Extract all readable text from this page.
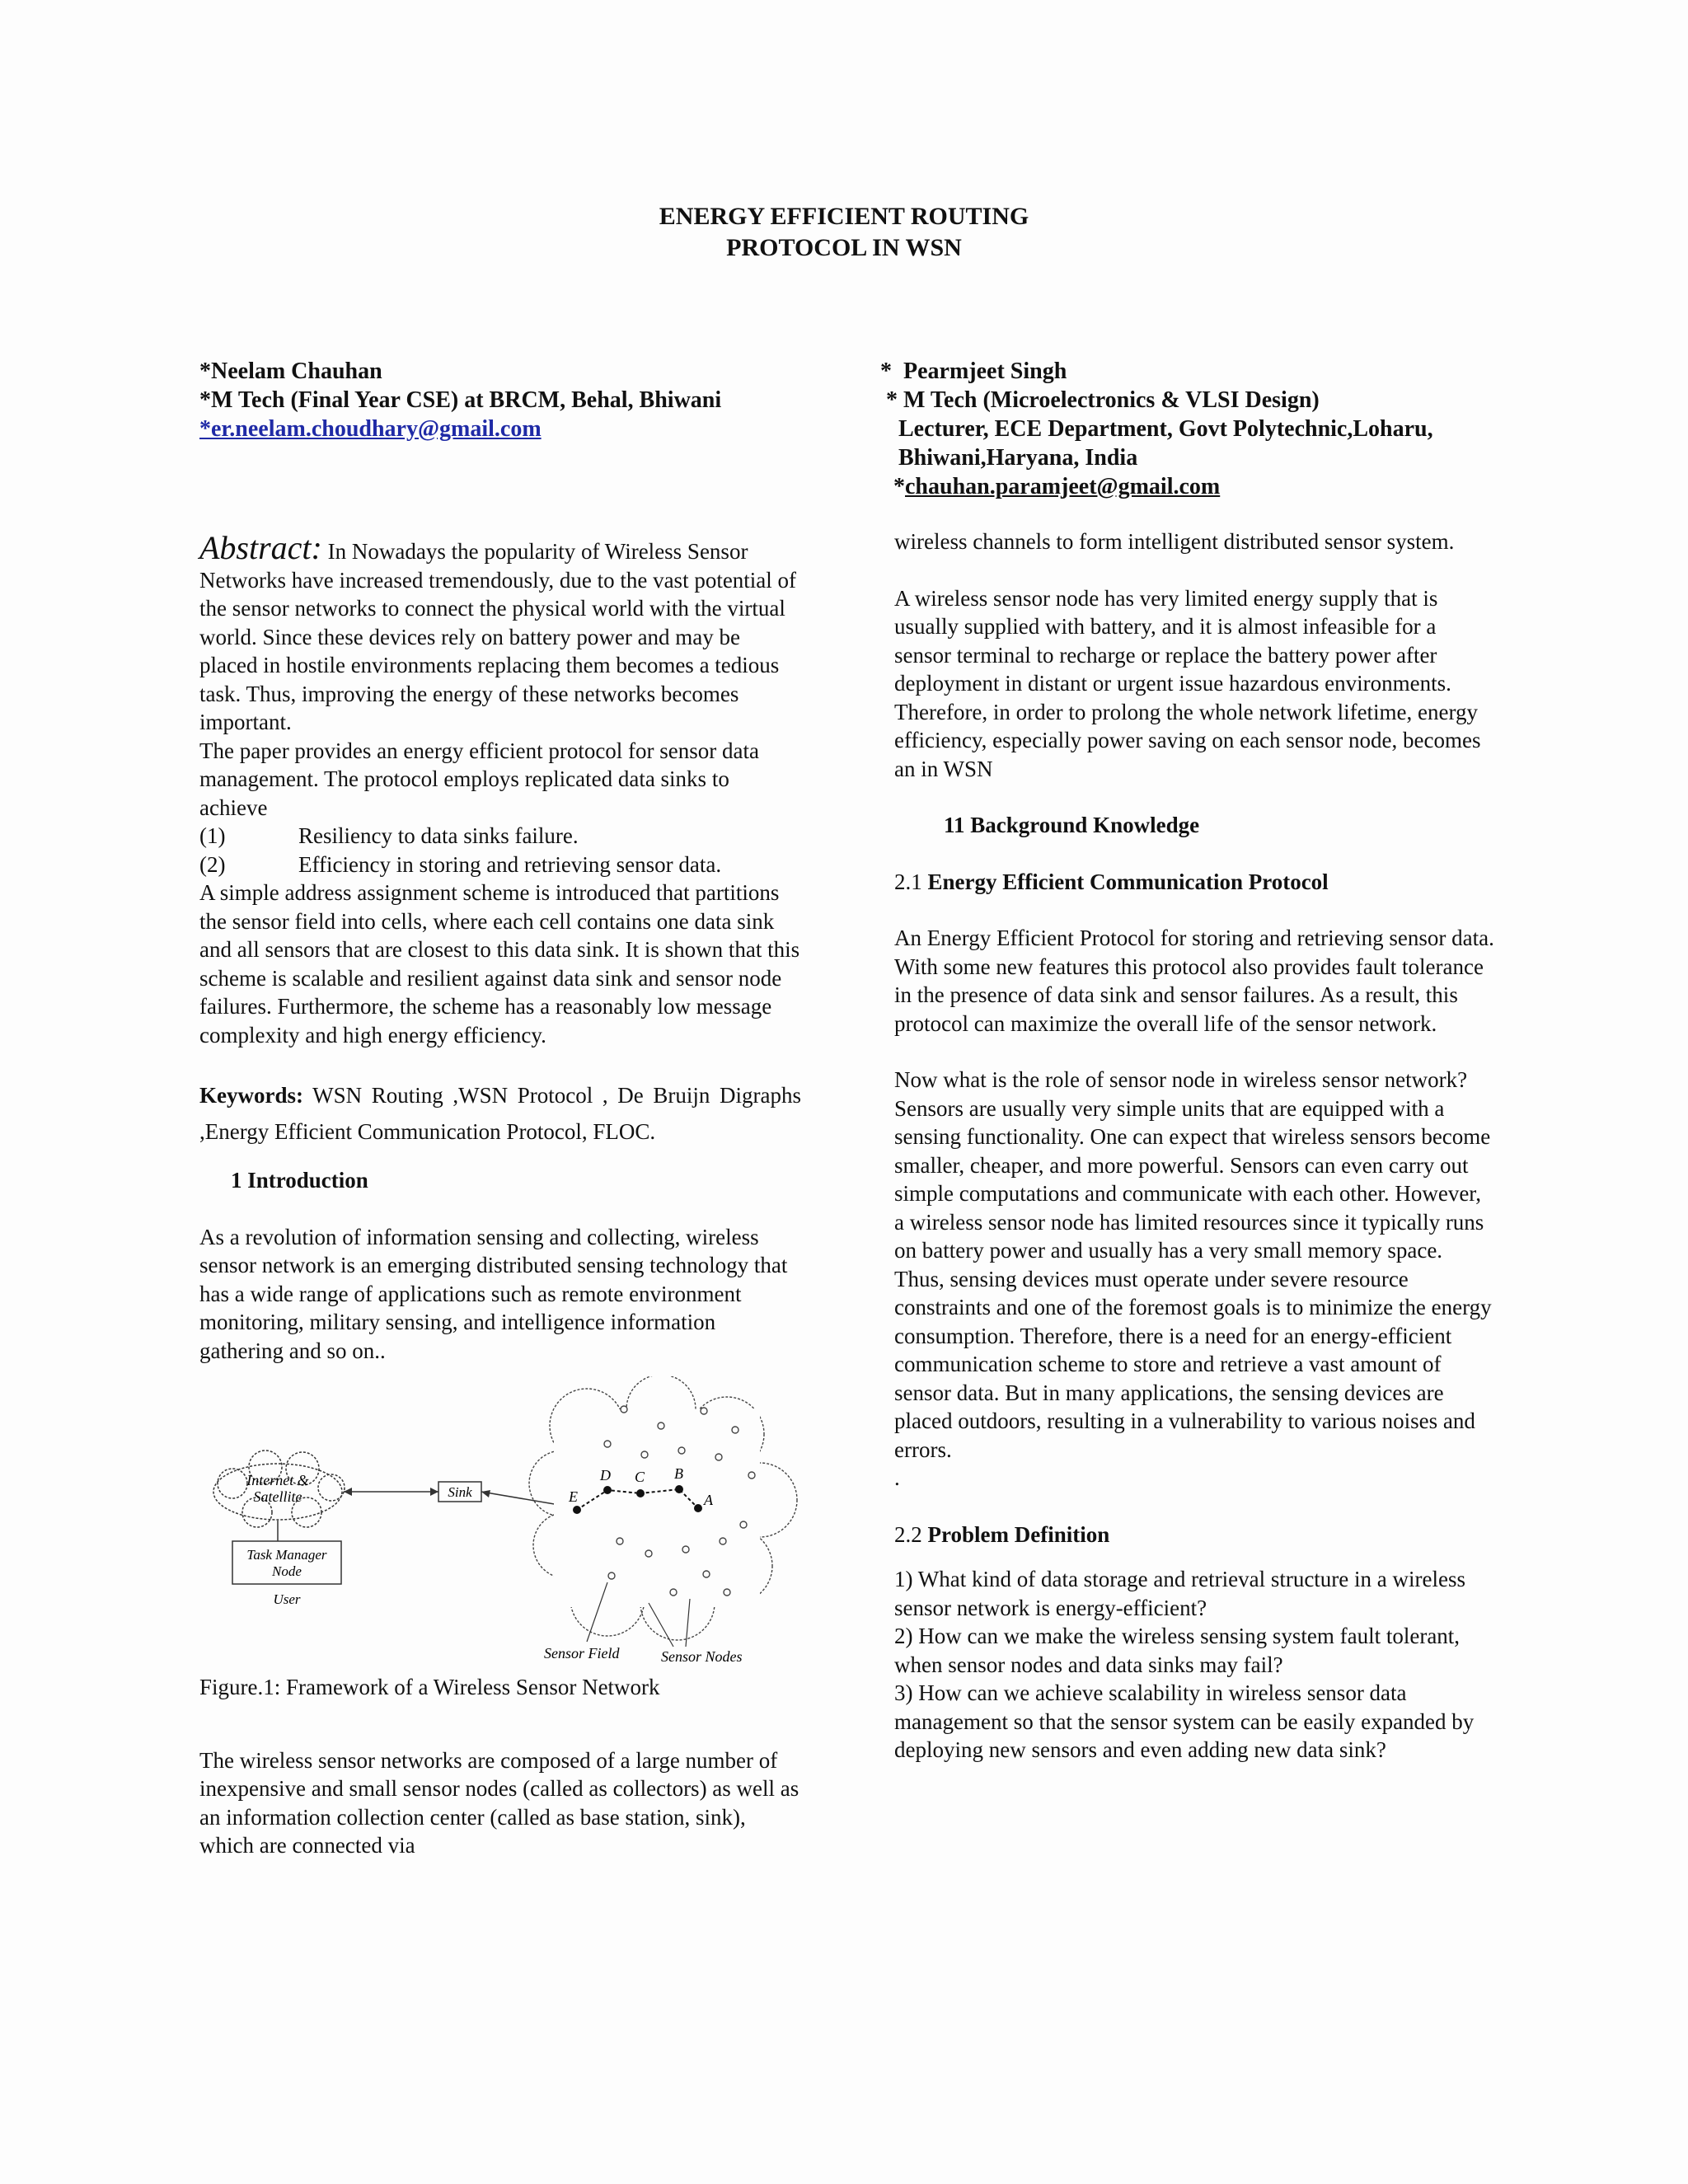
ENERGY EFFICIENT ROUTING
PROTOCOL IN WSN
*Neelam Chauhan
*M Tech (Final Year CSE) at BRCM, Behal, Bhiwani
*er.neelam.choudhary@gmail.com
*  Pearmjeet Singh
* M Tech (Microelectronics & VLSI Design)
Lecturer, ECE Department, Govt Polytechnic,Loharu,
Bhiwani,Haryana, India
*chauhan.paramjeet@gmail.com

Abstract: In Nowadays the popularity of Wireless Sensor Networks have increased tremendously, due to the vast potential of the sensor networks to connect the physical world with the virtual world. Since these devices rely on battery power and may be placed in hostile environments replacing them becomes a tedious task. Thus, improving the energy of these networks becomes important.

The paper provides an energy efficient protocol for sensor data management. The protocol employs replicated data sinks to achieve

(1)	Resiliency to data sinks failure.
(2)	Efficiency in storing and retrieving sensor data.

A simple address assignment scheme is introduced that partitions the sensor field into cells, where each cell contains one data sink and all sensors that are closest to this data sink. It is shown that this scheme is scalable and resilient against data sink and sensor node failures. Furthermore, the scheme has a reasonably low message complexity and high energy efficiency.

Keywords: WSN Routing ,WSN Protocol , De Bruijn Digraphs ,Energy Efficient Communication Protocol, FLOC.

1 Introduction

As a revolution of information sensing and collecting, wireless sensor network is an emerging distributed sensing technology that has a wide range of applications such as remote environment monitoring, military sensing, and intelligence information gathering and so on..

Internet &
Satellite	Sink
Task Manager
Node
User
E
D C B
A
Sensor Field	Sensor Nodes

Figure.1: Framework of a Wireless Sensor Network

The wireless sensor networks are composed of a large number of inexpensive and small sensor nodes (called as collectors) as well as an information collection center (called as base station, sink), which are connected via

wireless channels to form intelligent distributed sensor system.

A wireless sensor node has very limited energy supply that is usually supplied with battery, and it is almost infeasible for a sensor terminal to recharge or replace the battery power after deployment in distant or urgent issue hazardous environments. Therefore, in order to prolong the whole network lifetime, energy efficiency, especially power saving on each sensor node, becomes an in WSN

11 Background Knowledge

2.1 Energy Efficient Communication Protocol

An Energy Efficient Protocol for storing and retrieving sensor data. With some new features this protocol also provides fault tolerance in the presence of data sink and sensor failures. As a result, this protocol can maximize the overall life of the sensor network.

Now what is the role of sensor node in wireless sensor network?

Sensors are usually very simple units that are equipped with a sensing functionality. One can expect that wireless sensors become smaller, cheaper, and more powerful. Sensors can even carry out simple computations and communicate with each other. However, a wireless sensor node has limited resources since it typically runs on battery power and usually has a very small memory space. Thus, sensing devices must operate under severe resource constraints and one of the foremost goals is to minimize the energy consumption. Therefore, there is a need for an energy-efficient communication scheme to store and retrieve a vast amount of sensor data. But in many applications, the sensing devices are placed outdoors, resulting in a vulnerability to various noises and errors.

.

2.2 Problem Definition

1) What kind of data storage and retrieval structure in a wireless sensor network is energy-efficient?

2) How can we make the wireless sensing system fault tolerant, when sensor nodes and data sinks may fail?

3) How can we achieve scalability in wireless sensor data management so that the sensor system can be easily expanded by deploying new sensors and even adding new data sink?
